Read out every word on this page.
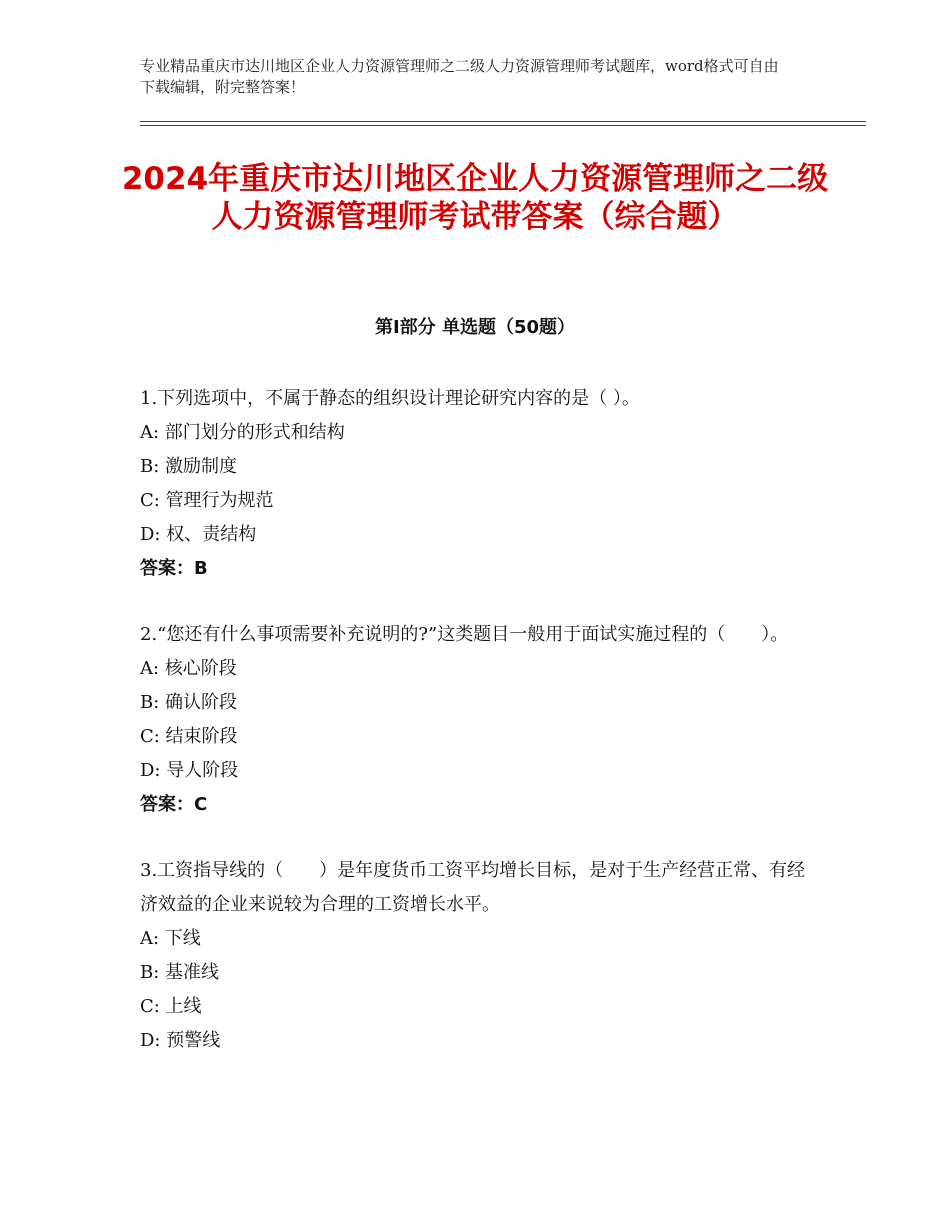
专业精品重庆市达川地区企业人力资源管理师之二级人力资源管理师考试题库，word格式可自由下载编辑，附完整答案！
2024年重庆市达川地区企业人力资源管理师之二级人力资源管理师考试带答案（综合题）
第Ⅰ部分 单选题（50题）

1.下列选项中，不属于静态的组织设计理论研究内容的是（ ）。

A: 部门划分的形式和结构

B: 激励制度

C: 管理行为规范

D: 权、责结构

答案：B

2.“您还有什么事项需要补充说明的?”这类题目一般用于面试实施过程的（　　）。

A: 核心阶段

B: 确认阶段

C: 结束阶段

D: 导人阶段

答案：C

3.工资指导线的（　　）是年度货币工资平均增长目标，是对于生产经营正常、有经济效益的企业来说较为合理的工资增长水平。

A: 下线

B: 基准线

C: 上线

D: 预警线
